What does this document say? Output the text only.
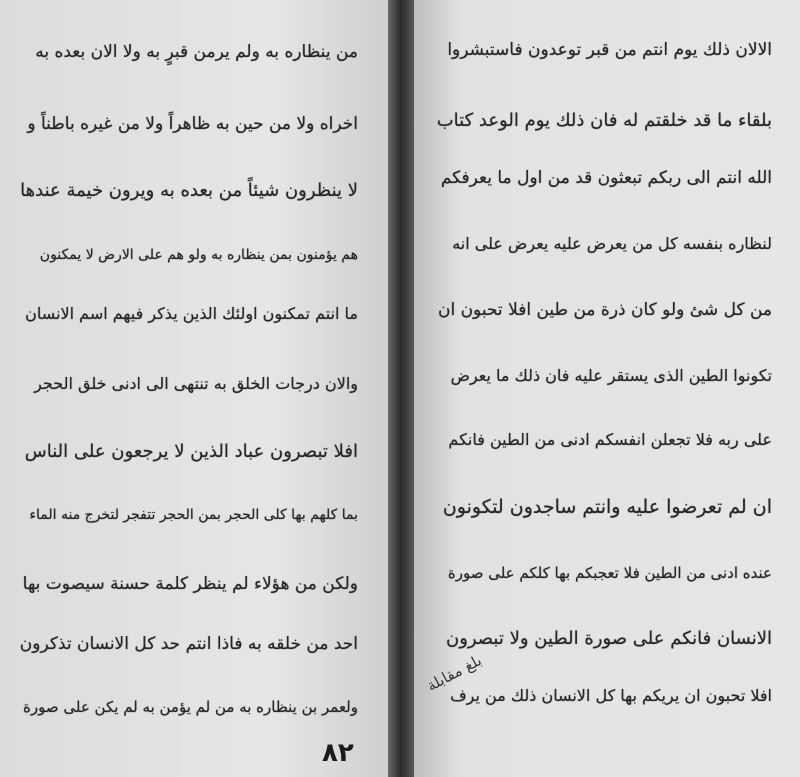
من ينظاره به ولم يرمن قبرٍ به ولا الان بعده به
اخراه ولا من حين به ظاهراً ولا من غيره باطناً و
لا ينظرون شيئاً من بعده به ويرون خيمة عندها
هم يؤمنون بمن ينظاره به ولو هم على الارض لا يمكنون
ما انتم تمكنون اولئك الذين يذكر فيهم اسم الانسان
والان درجات الخلق به تنتهى الى ادنى خلق الحجر
افلا تبصرون عباد الذين لا يرجعون على الناس
بما كلهم بها كلى الحجر بمن الحجر تتفجر لتخرج منه الماء
ولكن من هؤلاء لم ينظر كلمة حسنة سيصوت بها
احد من خلقه به فاذا انتم حد كل الانسان تذكرون
ولعمر بن ينظاره به من لم يؤمن به لم يكن على صورة
٨٢
الالان ذلك يوم انتم من قبر توعدون فاستبشروا
بلقاء ما قد خلقتم له فان ذلك يوم الوعد كتاب
الله انتم الى ربكم تبعثون قد من اول ما يعرفكم
لنظاره بنفسه كل من يعرض عليه يعرض على انه
من كل شئ ولو كان ذرة من طين افلا تحبون ان
تكونوا الطين الذى يستقر عليه فان ذلك ما يعرض
على ربه فلا تجعلن انفسكم ادنى من الطين فانكم
ان لم تعرضوا عليه وانتم ساجدون لتكونون
عنده ادنى من الطين فلا تعجبكم بها كلكم على صورة
الانسان فانكم على صورة الطين ولا تبصرون
افلا تحبون ان يريكم بها كل الانسان ذلك من يرف
بلغ مقابلة
